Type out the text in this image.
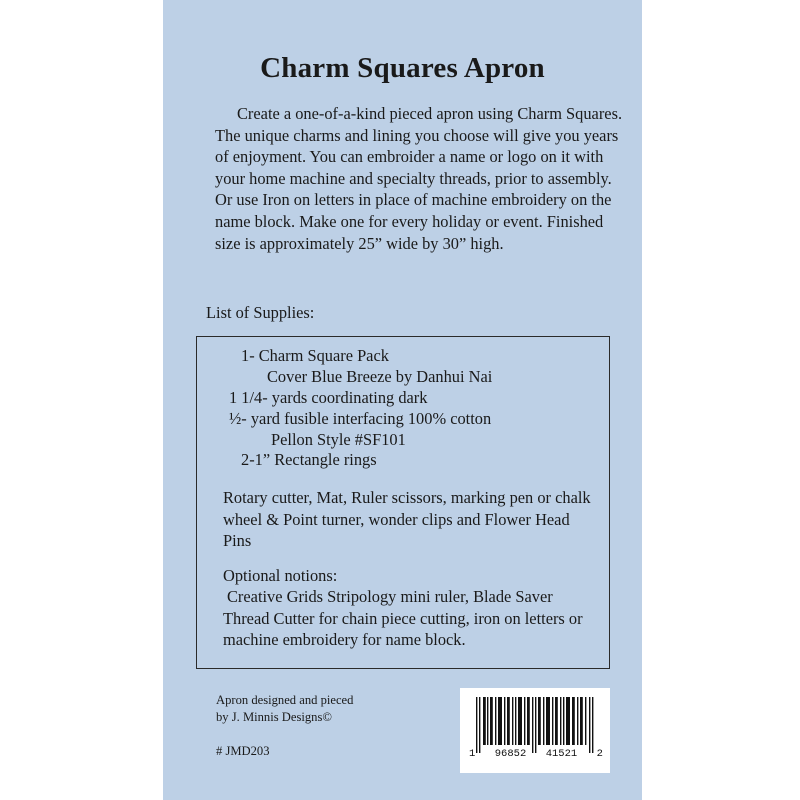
Charm Squares Apron

Create a one-of-a-kind pieced apron using Charm Squares. The unique charms and lining you choose will give you years of enjoyment. You can embroider a name or logo on it with your home machine and specialty threads, prior to assembly. Or use Iron on letters in place of machine embroidery on the name block. Make one for every holiday or event. Finished size is approximately 25” wide by 30” high.

List of Supplies:
1- Charm Square Pack
Cover Blue Breeze by Danhui Nai
1 1/4- yards coordinating dark
½- yard fusible interfacing 100% cotton
Pellon Style #SF101
2-1” Rectangle rings
Rotary cutter, Mat, Ruler scissors, marking pen or chalk wheel & Point turner, wonder clips and Flower Head Pins
Optional notions:
Creative Grids Stripology mini ruler, Blade Saver Thread Cutter for chain piece cutting, iron on letters or machine embroidery for name block.
Apron designed and pieced
by J. Minnis Designs©
# JMD203	1 96852 41521 2
